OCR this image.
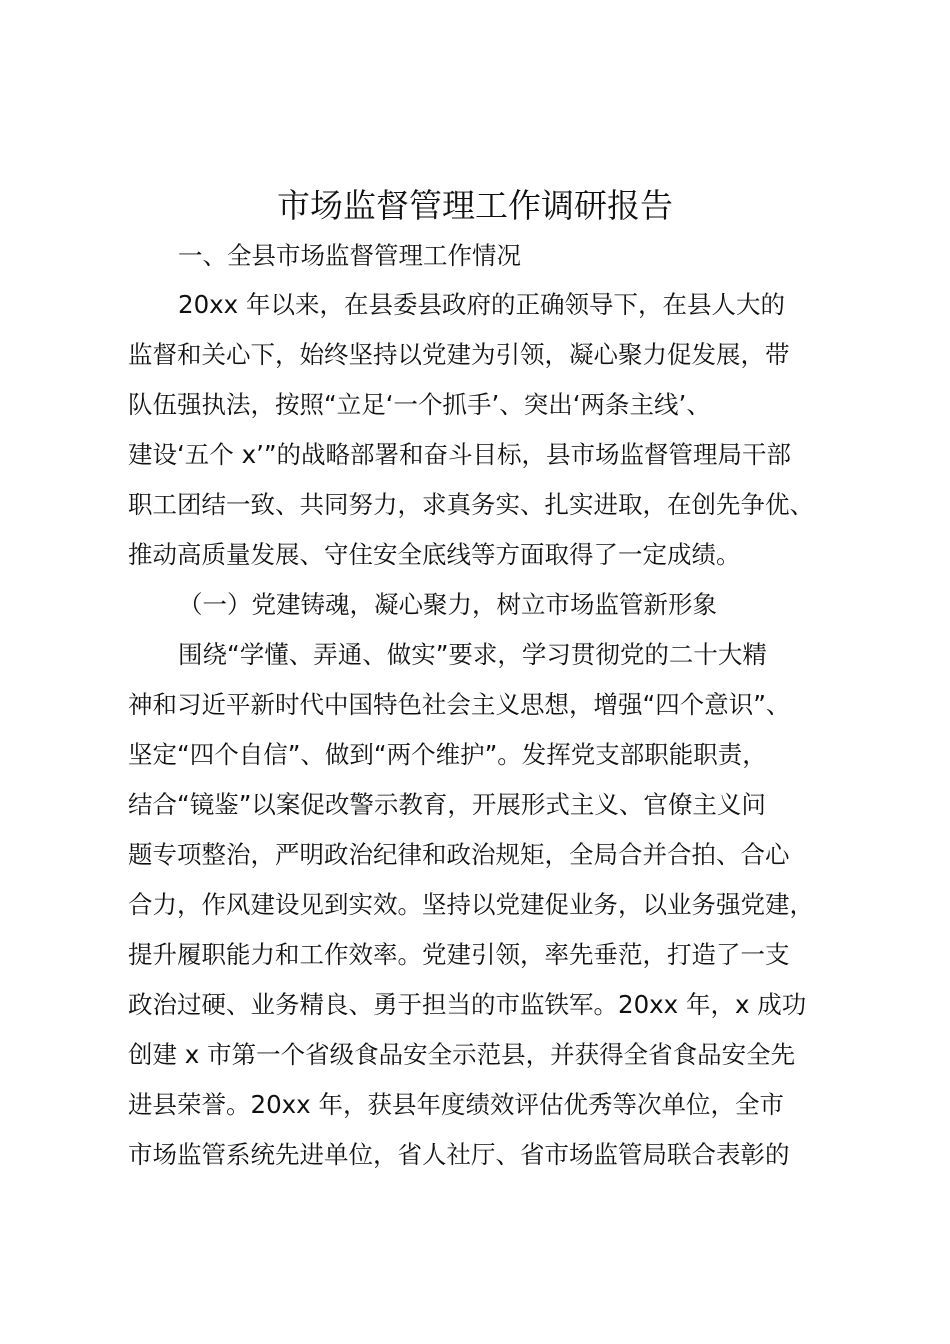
市场监督管理工作调研报告
一、全县市场监督管理工作情况
20xx 年以来，在县委县政府的正确领导下，在县人大的
监督和关心下，始终坚持以党建为引领，凝心聚力促发展，带
队伍强执法，按照“立足‘一个抓手’、突出‘两条主线’、
建设‘五个 x’”的战略部署和奋斗目标，县市场监督管理局干部
职工团结一致、共同努力，求真务实、扎实进取，在创先争优、
推动高质量发展、守住安全底线等方面取得了一定成绩。
（一）党建铸魂，凝心聚力，树立市场监管新形象
围绕“学懂、弄通、做实”要求，学习贯彻党的二十大精
神和习近平新时代中国特色社会主义思想，增强“四个意识”、
坚定“四个自信”、做到“两个维护”。发挥党支部职能职责，
结合“镜鉴”以案促改警示教育，开展形式主义、官僚主义问
题专项整治，严明政治纪律和政治规矩，全局合并合拍、合心
合力，作风建设见到实效。坚持以党建促业务，以业务强党建，
提升履职能力和工作效率。党建引领，率先垂范，打造了一支
政治过硬、业务精良、勇于担当的市监铁军。20xx 年，x 成功
创建 x 市第一个省级食品安全示范县，并获得全省食品安全先
进县荣誉。20xx 年，获县年度绩效评估优秀等次单位，全市
市场监管系统先进单位，省人社厅、省市场监管局联合表彰的
